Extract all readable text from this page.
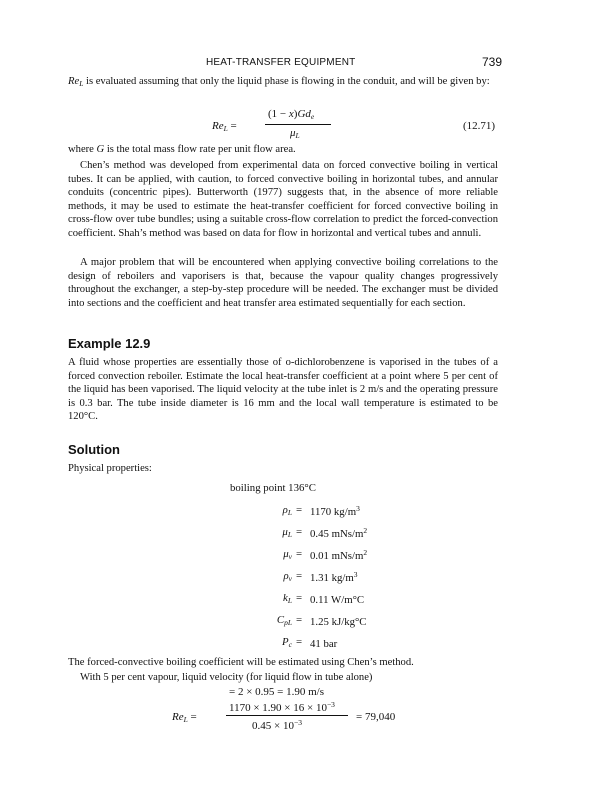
HEAT-TRANSFER EQUIPMENT	739

$Re_L$ is evaluated assuming that only the liquid phase is flowing in the conduit, and will be given by:

$Re_L$ =
$(1 - x)Gd_e$
$\mu_L$
(12.71)

where G is the total mass flow rate per unit flow area.

Chen’s method was developed from experimental data on forced convective boiling in vertical tubes. It can be applied, with caution, to forced convective boiling in horizontal tubes, and annular conduits (concentric pipes). Butterworth (1977) suggests that, in the absence of more reliable methods, it may be used to estimate the heat-transfer coefficient for forced convective boiling in cross-flow over tube bundles; using a suitable cross-flow correlation to predict the forced-convection coefficient. Shah’s method was based on data for flow in horizontal and vertical tubes and annuli.

A major problem that will be encountered when applying convective boiling correlations to the design of reboilers and vaporisers is that, because the vapour quality changes progressively throughout the exchanger, a step-by-step procedure will be needed. The exchanger must be divided into sections and the coefficient and heat transfer area estimated sequentially for each section.

Example 12.9

A fluid whose properties are essentially those of o-dichlorobenzene is vaporised in the tubes of a forced convection reboiler. Estimate the local heat-transfer coefficient at a point where 5 per cent of the liquid has been vaporised. The liquid velocity at the tube inlet is 2 m/s and the operating pressure is 0.3 bar. The tube inside diameter is 16 mm and the local wall temperature is estimated to be 120°C.

Solution

Physical properties:

boiling point 136°C
$\rho_L = 1170$ $kg/m^3$
$\mu_L = 0.45$ mNs/$m^2$
$\mu_v = 0.01$ mNs/$m^2$
$\rho_v = 1.31$ $kg/m^3$
$k_L = 0.11$ W/m°C
$C_{pL} = 1.25$ kJ/kg°C
$P_c = 41$ bar

The forced-convective boiling coefficient will be estimated using Chen’s method.

With 5 per cent vapour, liquid velocity (for liquid flow in tube alone)

= 2 × 0.95 = 1.90 m/s
$Re_L$ =
$1170 \times 1.90 \times 16 \times 10^{-3}$
$0.45 \times 10^{-3}$	= 79,040
